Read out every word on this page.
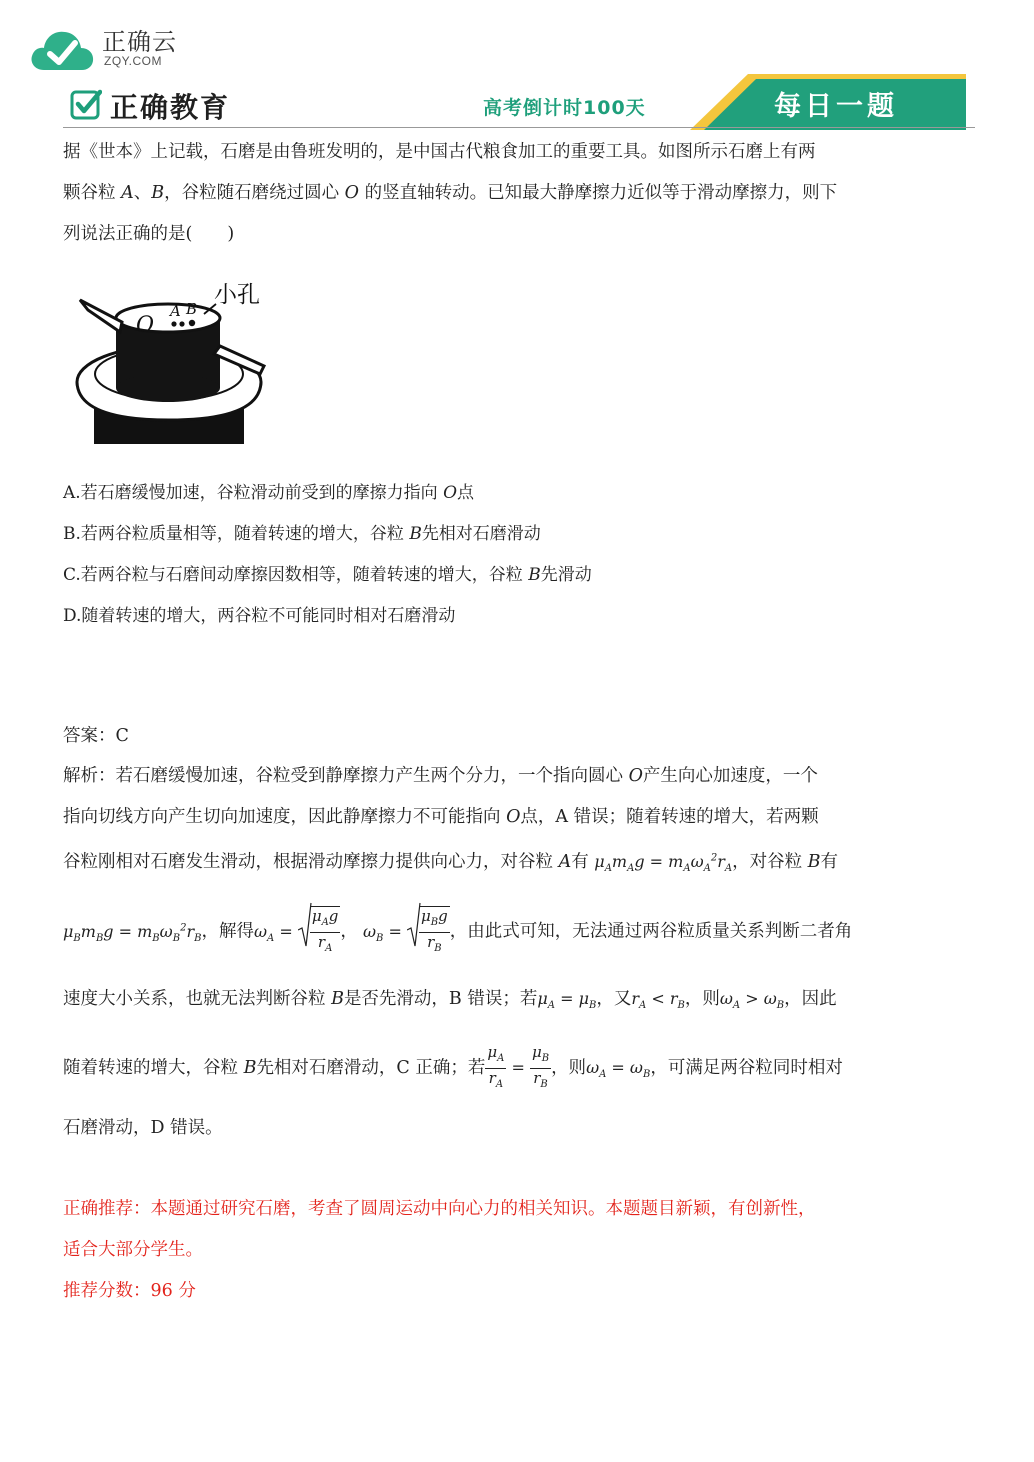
正确云
ZQY.COM
正确教育	高考倒计时100天	每日一题
据《世本》上记载，石磨是由鲁班发明的，是中国古代粮食加工的重要工具。如图所示石磨上有两
颗谷粒 A、B，谷粒随石磨绕过圆心 O 的竖直轴转动。已知最大静摩擦力近似等于滑动摩擦力，则下
列说法正确的是(　　)
O
A B
小孔
A.若石磨缓慢加速，谷粒滑动前受到的摩擦力指向 O点
B.若两谷粒质量相等，随着转速的增大，谷粒 B先相对石磨滑动
C.若两谷粒与石磨间动摩擦因数相等，随着转速的增大，谷粒 B先滑动
D.随着转速的增大，两谷粒不可能同时相对石磨滑动
答案：C
解析：若石磨缓慢加速，谷粒受到静摩擦力产生两个分力，一个指向圆心 O产生向心加速度，一个
指向切线方向产生切向加速度，因此静摩擦力不可能指向 O点，A 错误；随着转速的增大，若两颗
谷粒刚相对石磨发生滑动，根据滑动摩擦力提供向心力，对谷粒 A有 $\mu_Am_Ag = m_A\omega_A^2r_A$，对谷粒 B有
$\mu_Bm_Bg = m_B\omega_B^2r_B$，解得$\omega_A = \frac{\mu_Ag}{r_A}$ ， $\omega_B = \frac{\mu_Bg}{r_B}$ ，由此式可知，无法通过两谷粒质量关系判断二者角
速度大小关系，也就无法判断谷粒 B是否先滑动，B 错误；若$\mu_A = \mu_B$，又$r_A < r_B$，则$\omega_A > \omega_B$，因此
随着转速的增大，谷粒 B先相对石磨滑动，C 正确；若 $\frac{\mu_A}{r_A} = \frac{\mu_B}{r_B}$ ，则$\omega_A = \omega_B$，可满足两谷粒同时相对
石磨滑动，D 错误。
正确推荐：本题通过研究石磨，考查了圆周运动中向心力的相关知识。本题题目新颖，有创新性，
适合大部分学生。
推荐分数：96 分
